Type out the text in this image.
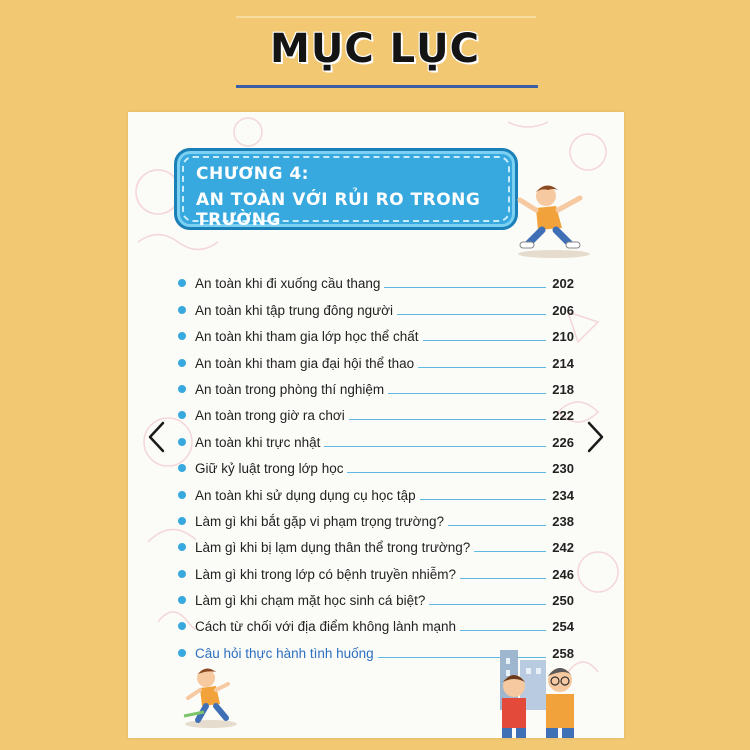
MỤC LỤC
CHƯƠNG 4:
AN TOÀN VỚI RỦI RO TRONG TRƯỜNG
An toàn khi đi xuống cầu thang	202
An toàn khi tập trung đông người	206
An toàn khi tham gia lớp học thể chất	210
An toàn khi tham gia đại hội thể thao	214
An toàn trong phòng thí nghiệm	218
An toàn trong giờ ra chơi	222
An toàn khi trực nhật	226
Giữ kỷ luật trong lớp học	230
An toàn khi sử dụng dụng cụ học tập	234
Làm gì khi bắt gặp vi phạm trọng trường?	238
Làm gì khi bị lạm dụng thân thể trong trường?	242
Làm gì khi trong lớp có bệnh truyền nhiễm?	246
Làm gì khi chạm mặt học sinh cá biệt?	250
Cách từ chối với địa điểm không lành mạnh	254
Câu hỏi thực hành tình huống	258
